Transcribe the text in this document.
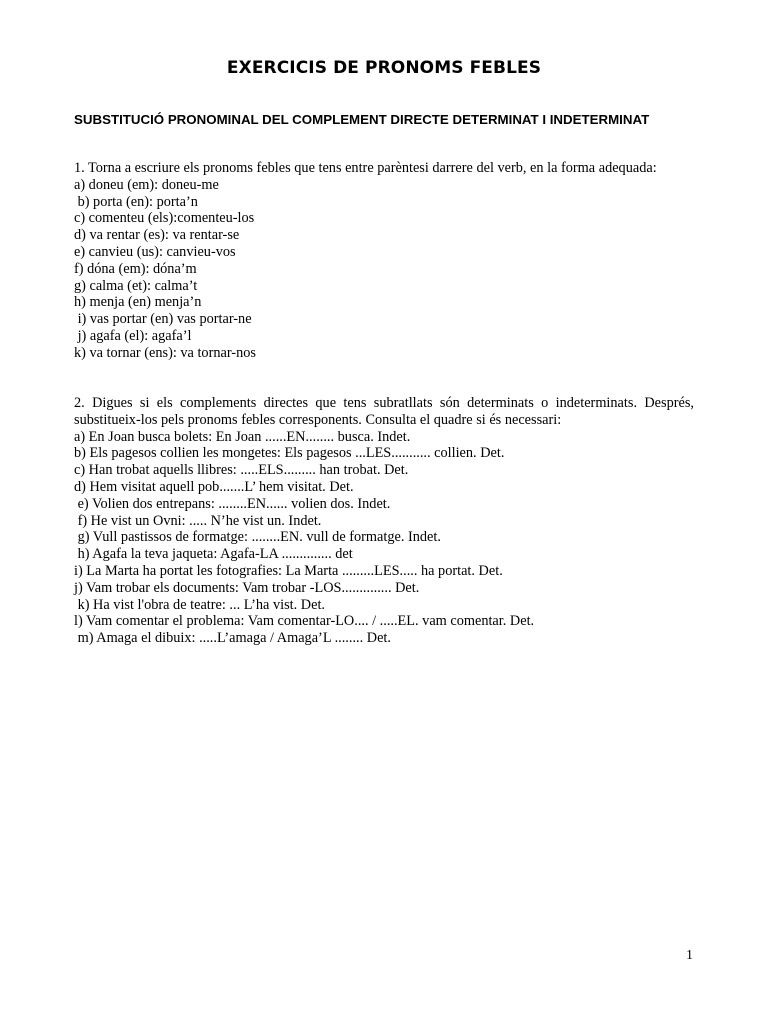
EXERCICIS DE PRONOMS FEBLES
SUBSTITUCIÓ PRONOMINAL DEL COMPLEMENT DIRECTE DETERMINAT I INDETERMINAT

1. Torna a escriure els pronoms febles que tens entre parèntesi darrere del verb, en la forma adequada:

a) doneu (em): doneu-me
b) porta (en): porta’n
c) comenteu (els):comenteu-los
d) va rentar (es): va rentar-se
e) canvieu (us): canvieu-vos
f) dóna (em): dóna’m
g) calma (et): calma’t
h) menja (en) menja’n
i) vas portar (en) vas portar-ne
j) agafa (el): agafa’l
k) va tornar (ens): va tornar-nos

2. Digues si els complements directes que tens subratllats són determinats o indeterminats. Després, substitueix-los pels pronoms febles corresponents. Consulta el quadre si és necessari:

a) En Joan busca bolets: En Joan ......EN........ busca. Indet.
b) Els pagesos collien les mongetes: Els pagesos ...LES........... collien. Det.
c) Han trobat aquells llibres: .....ELS......... han trobat. Det.
d) Hem visitat aquell pob.......L’ hem visitat. Det.
e) Volien dos entrepans: ........EN...... volien dos. Indet.
f) He vist un Ovni: ..... N’he vist un. Indet.
g) Vull pastissos de formatge: ........EN. vull de formatge. Indet.
h) Agafa la teva jaqueta: Agafa-LA .............. det
i) La Marta ha portat les fotografies: La Marta .........LES..... ha portat. Det.
j) Vam trobar els documents: Vam trobar -LOS.............. Det.
k) Ha vist l'obra de teatre: ... L’ha vist. Det.
l) Vam comentar el problema: Vam comentar-LO.... / .....EL. vam comentar. Det.
m) Amaga el dibuix: .....L’amaga / Amaga’L ........ Det.
1
